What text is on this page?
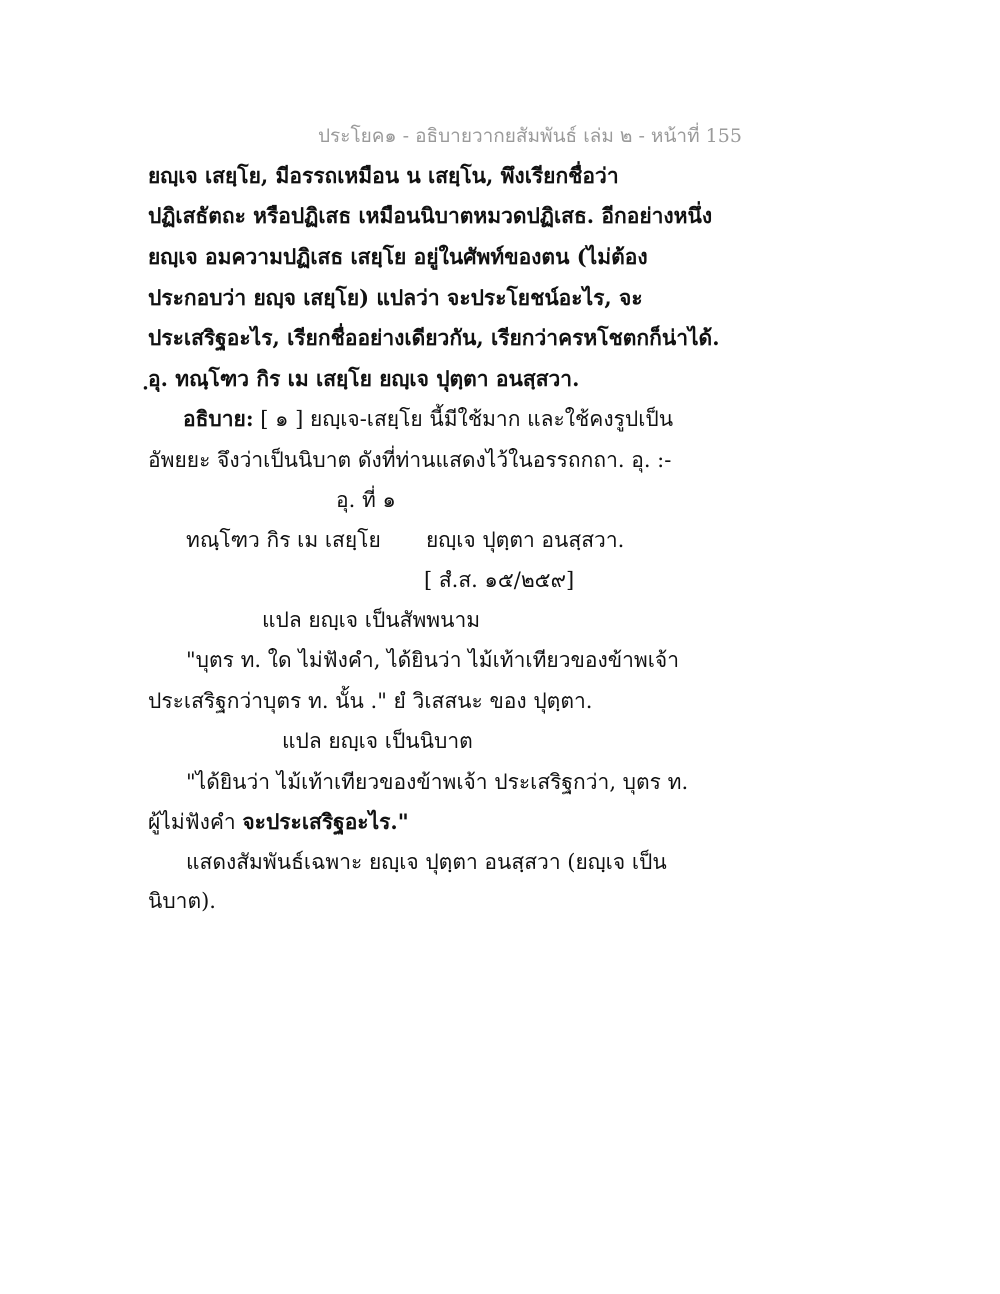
ประโยค๑ - อธิบายวากยสัมพันธ์ เล่ม ๒ - หน้าที่ 155
ยญฺเจ เสยฺโย, มีอรรถเหมือน น เสยฺโน, พึงเรียกชื่อว่า
ปฏิเสธัตถะ หรือปฏิเสธ เหมือนนิบาตหมวดปฏิเสธ. อีกอย่างหนึ่ง
ยญฺเจ อมความปฏิเสธ เสยฺโย อยู่ในศัพท์ของตน (ไม่ต้อง
ประกอบว่า ยญฺจ เสยฺโย) แปลว่า จะประโยชน์อะไร, จะ
ประเสริฐอะไร, เรียกชื่ออย่างเดียวกัน, เรียกว่าครหโชตกก็น่าได้.
ฺอุ. ทณฺโฑว กิร เม เสยฺโย ยญฺเจ ปุตฺตา อนสฺสวา.
อธิบาย: [ ๑ ] ยญฺเจ-เสยฺโย นี้มีใช้มาก และใช้คงรูปเป็น
อัพยยะ จึงว่าเป็นนิบาต ดังที่ท่านแสดงไว้ในอรรถกถา. อุ. :-
อุ. ที่ ๑
ทณฺโฑว กิร เม เสยฺโย ยญฺเจ ปุตฺตา อนสฺสวา.
[ สํ.ส. ๑๕/๒๕๙]
แปล ยญฺเจ เป็นสัพพนาม
"บุตร ท. ใด ไม่ฟังคำ, ได้ยินว่า ไม้เท้าเทียวของข้าพเจ้า
ประเสริฐกว่าบุตร ท. นั้น ." ยํ วิเสสนะ ของ ปุตฺตา.
แปล ยญฺเจ เป็นนิบาต
"ได้ยินว่า ไม้เท้าเทียวของข้าพเจ้า ประเสริฐกว่า, บุตร ท.
ผู้ไม่ฟังคำ จะประเสริฐอะไร."
แสดงสัมพันธ์เฉพาะ ยญฺเจ ปุตฺตา อนสฺสวา (ยญฺเจ เป็น
นิบาต).
